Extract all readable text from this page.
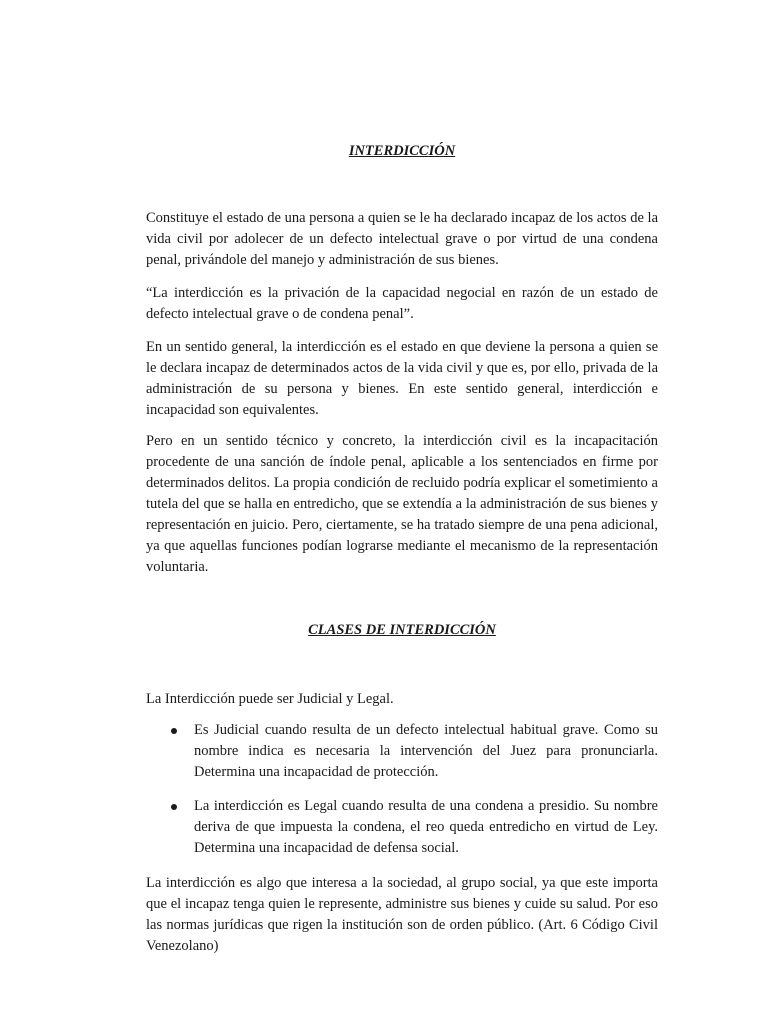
INTERDICCIÓN

Constituye el estado de una persona a quien se le ha declarado incapaz de los actos de la vida civil por adolecer de un defecto intelectual grave o por virtud de una condena penal, privándole del manejo y administración de sus bienes.

“La interdicción es la privación de la capacidad negocial en razón de un estado de defecto intelectual grave o de condena penal”.

En un sentido general, la interdicción es el estado en que deviene la persona a quien se le declara incapaz de determinados actos de la vida civil y que es, por ello, privada de la administración de su persona y bienes. En este sentido general, interdicción e incapacidad son equivalentes.

Pero en un sentido técnico y concreto, la interdicción civil es la incapacitación procedente de una sanción de índole penal, aplicable a los sentenciados en firme por determinados delitos. La propia condición de recluido podría explicar el sometimiento a tutela del que se halla en entredicho, que se extendía a la administración de sus bienes y representación en juicio. Pero, ciertamente, se ha tratado siempre de una pena adicional, ya que aquellas funciones podían lograrse mediante el mecanismo de la representación voluntaria.

CLASES DE INTERDICCIÓN

La Interdicción puede ser Judicial y Legal.

Es Judicial cuando resulta de un defecto intelectual habitual grave. Como su nombre indica es necesaria la intervención del Juez para pronunciarla. Determina una incapacidad de protección.
La interdicción es Legal cuando resulta de una condena a presidio. Su nombre deriva de que impuesta la condena, el reo queda entredicho en virtud de Ley. Determina una incapacidad de defensa social.

La interdicción es algo que interesa a la sociedad, al grupo social, ya que este importa que el incapaz tenga quien le represente, administre sus bienes y cuide su salud. Por eso las normas jurídicas que rigen la institución son de orden público. (Art. 6 Código Civil Venezolano)
